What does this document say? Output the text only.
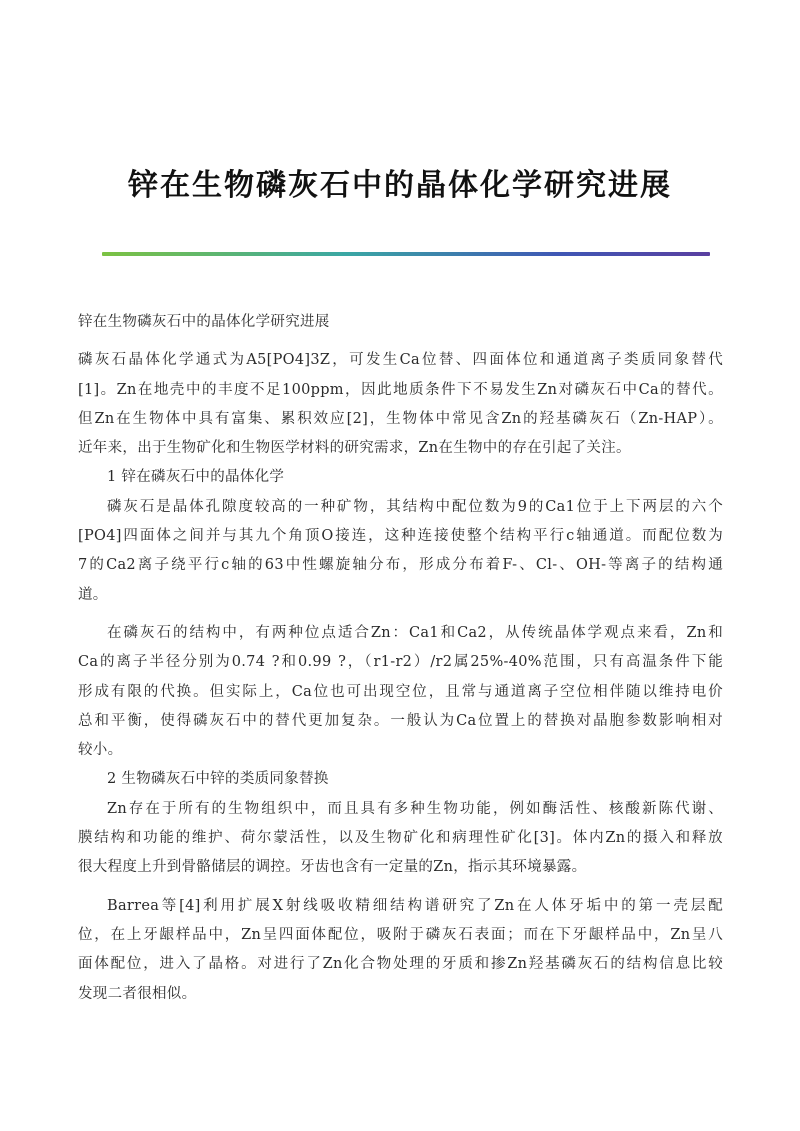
锌在生物磷灰石中的晶体化学研究进展
锌在生物磷灰石中的晶体化学研究进展
磷灰石晶体化学通式为A5[PO4]3Z，可发生Ca位替、四面体位和通道离子类质同象替代
[1]。Zn在地壳中的丰度不足100ppm，因此地质条件下不易发生Zn对磷灰石中Ca的替代。
但Zn在生物体中具有富集、累积效应[2]，生物体中常见含Zn的羟基磷灰石（Zn-HAP）。
近年来，出于生物矿化和生物医学材料的研究需求，Zn在生物中的存在引起了关注。
1 锌在磷灰石中的晶体化学
磷灰石是晶体孔隙度较高的一种矿物，其结构中配位数为9的Ca1位于上下两层的六个
[PO4]四面体之间并与其九个角顶O接连，这种连接使整个结构平行c轴通道。而配位数为
7的Ca2离子绕平行c轴的63中性螺旋轴分布，形成分布着F-、Cl-、OH-等离子的结构通
道。
在磷灰石的结构中，有两种位点适合Zn：Ca1和Ca2，从传统晶体学观点来看，Zn和
Ca的离子半径分别为0.74 ?和0.99 ?，（r1-r2）/r2属25%-40%范围，只有高温条件下能
形成有限的代换。但实际上，Ca位也可出现空位，且常与通道离子空位相伴随以维持电价
总和平衡，使得磷灰石中的替代更加复杂。一般认为Ca位置上的替换对晶胞参数影响相对
较小。
2 生物磷灰石中锌的类质同象替换
Zn存在于所有的生物组织中，而且具有多种生物功能，例如酶活性、核酸新陈代谢、
膜结构和功能的维护、荷尔蒙活性，以及生物矿化和病理性矿化[3]。体内Zn的摄入和释放
很大程度上升到骨骼储层的调控。牙齿也含有一定量的Zn，指示其环境暴露。
Barrea等[4]利用扩展X射线吸收精细结构谱研究了Zn在人体牙垢中的第一壳层配
位，在上牙龈样品中，Zn呈四面体配位，吸附于磷灰石表面；而在下牙龈样品中，Zn呈八
面体配位，进入了晶格。对进行了Zn化合物处理的牙质和掺Zn羟基磷灰石的结构信息比较
发现二者很相似。
